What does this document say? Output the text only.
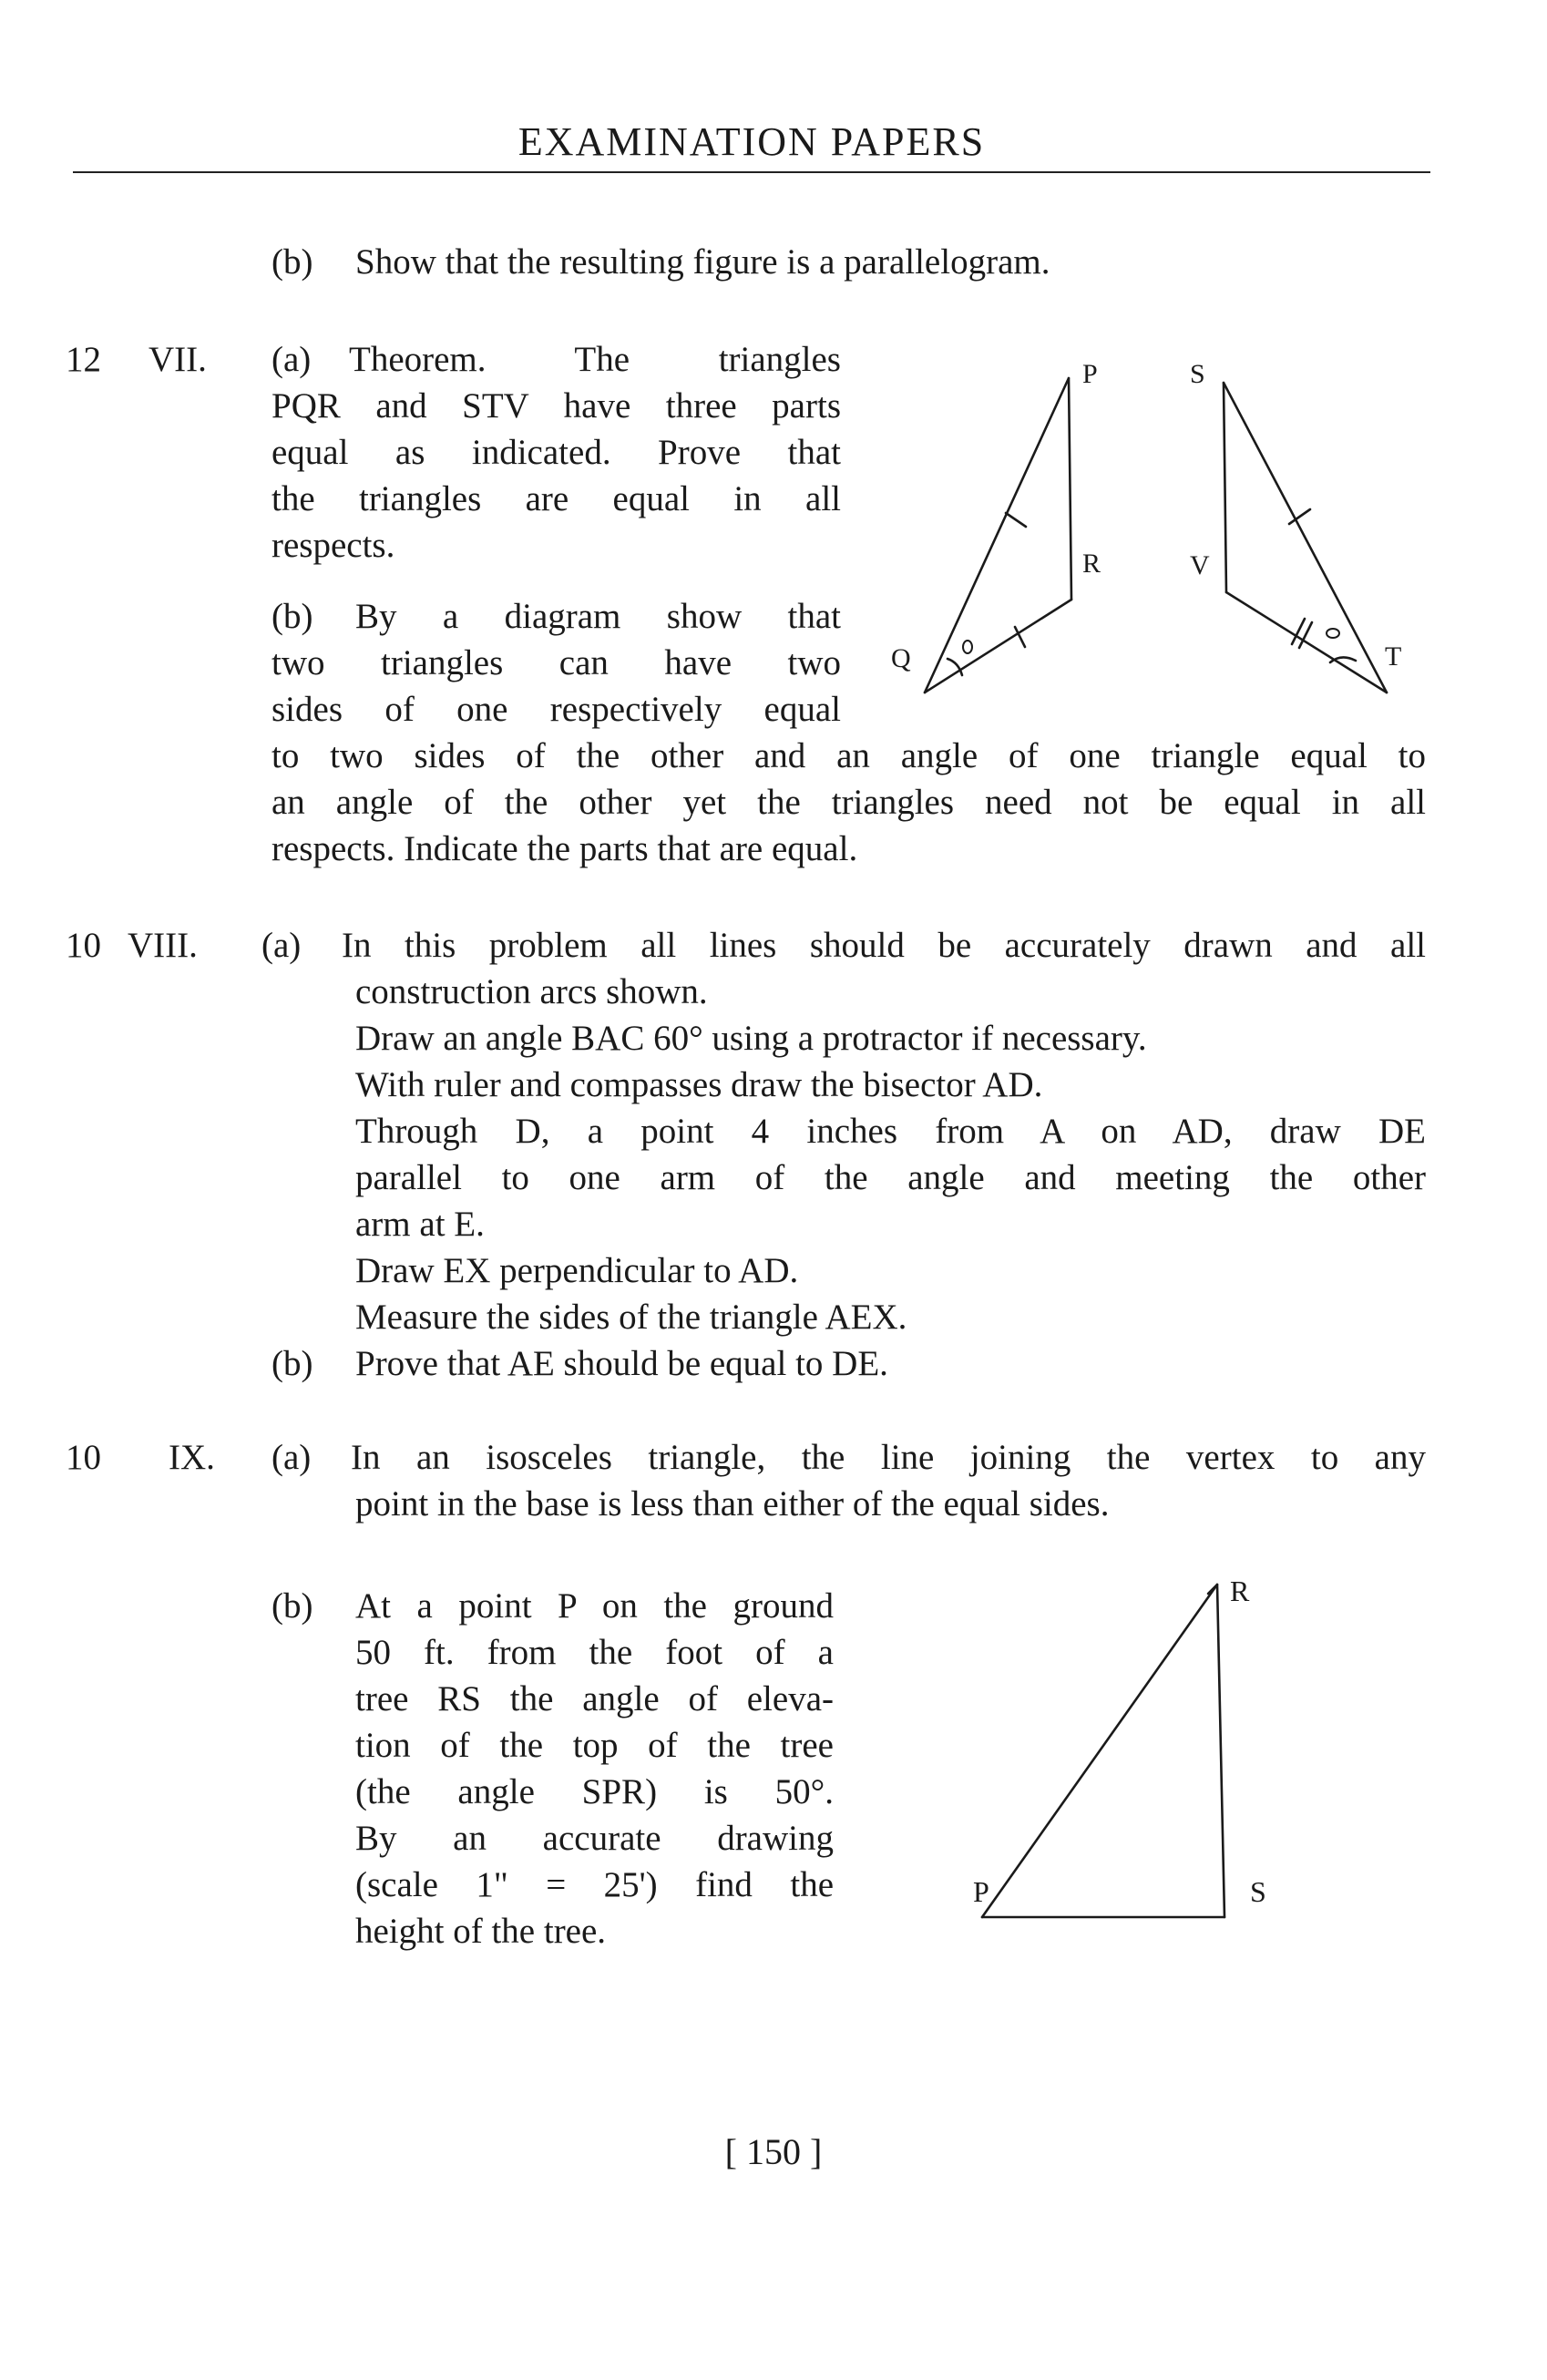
EXAMINATION PAPERS
(b) Show that the resulting figure is a parallelogram.
12 VII. (a) Theorem. The triangles
PQR and STV have three parts
equal as indicated. Prove that
the triangles are equal in all
respects.
(b) By a diagram show that
two triangles can have two
sides of one respectively equal
to two sides of the other and an angle of one triangle equal to
an angle of the other yet the triangles need not be equal in all
respects. Indicate the parts that are equal.
P
Q
R
S
V
T
10 VIII. (a) In this problem all lines should be accurately drawn and all
construction arcs shown.
Draw an angle BAC 60° using a protractor if necessary.
With ruler and compasses draw the bisector AD.
Through D, a point 4 inches from A on AD, draw DE
parallel to one arm of the angle and meeting the other
arm at E.
Draw EX perpendicular to AD.
Measure the sides of the triangle AEX.
(b) Prove that AE should be equal to DE.
10 IX. (a) In an isosceles triangle, the line joining the vertex to any
point in the base is less than either of the equal sides.
(b) At a point P on the ground
50 ft. from the foot of a
tree RS the angle of eleva-
tion of the top of the tree
(the angle SPR) is 50°.
By an accurate drawing
(scale 1" = 25') find the
height of the tree.
R
P	S
[ 150 ]
